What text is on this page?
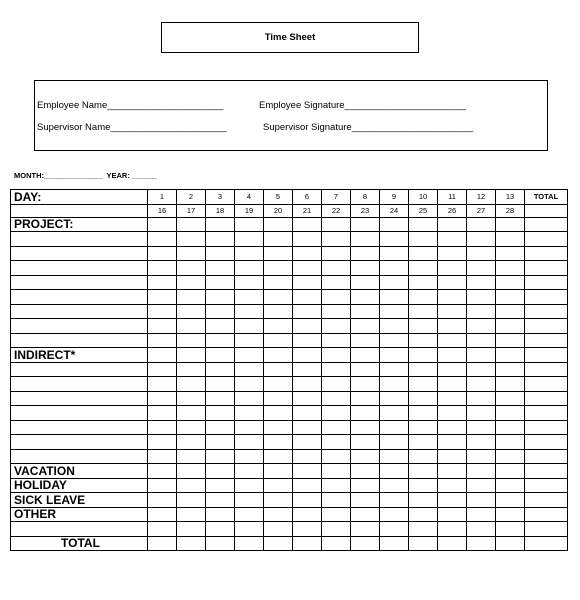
Time Sheet
Employee Name______________________	Employee Signature_______________________
Supervisor Name______________________	Supervisor Signature_______________________
MONTH:______________ YEAR: ______
DAY:	1	2	3	4	5	6	7	8	9	10	11	12	13	TOTAL
	16	17	18	19	20	21	22	23	24	25	26	27	28	
PROJECT:														

INDIRECT*														

VACATION														
HOLIDAY														
SICK LEAVE														
OTHER														

TOTAL														
